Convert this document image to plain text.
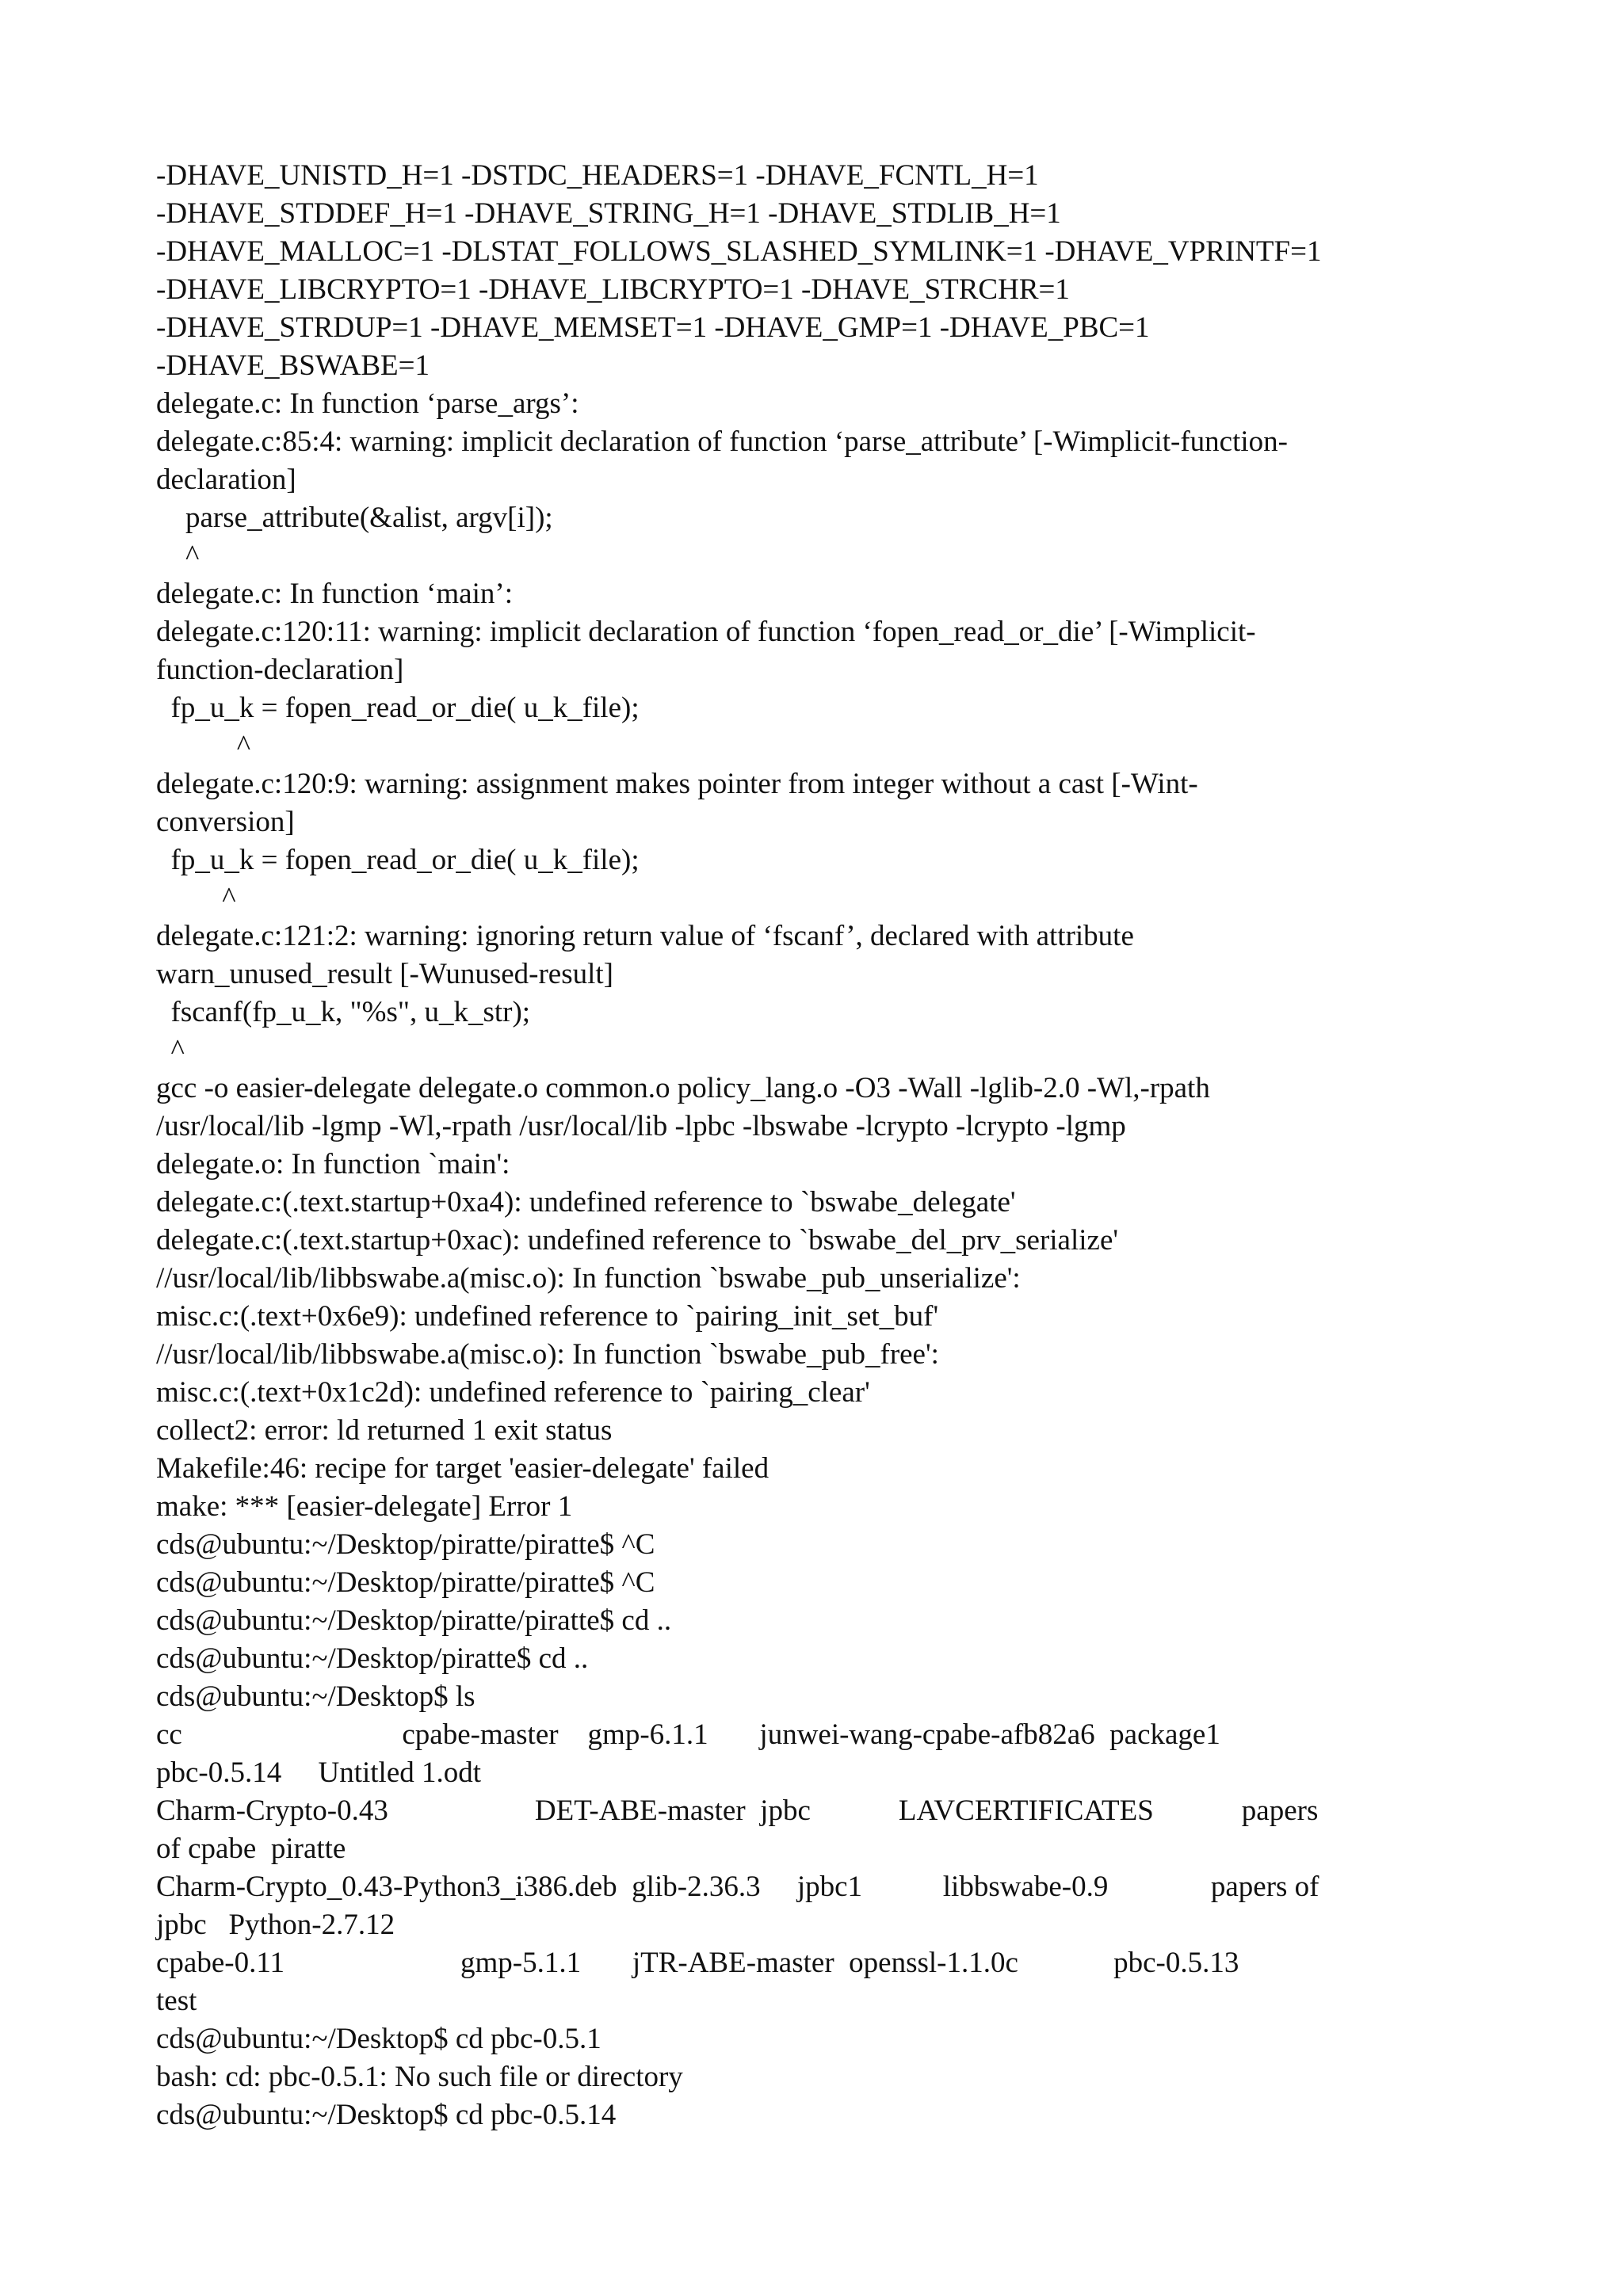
-DHAVE_UNISTD_H=1 -DSTDC_HEADERS=1 -DHAVE_FCNTL_H=1
-DHAVE_STDDEF_H=1 -DHAVE_STRING_H=1 -DHAVE_STDLIB_H=1
-DHAVE_MALLOC=1 -DLSTAT_FOLLOWS_SLASHED_SYMLINK=1 -DHAVE_VPRINTF=1
-DHAVE_LIBCRYPTO=1 -DHAVE_LIBCRYPTO=1 -DHAVE_STRCHR=1
-DHAVE_STRDUP=1 -DHAVE_MEMSET=1 -DHAVE_GMP=1 -DHAVE_PBC=1
-DHAVE_BSWABE=1
delegate.c: In function ‘parse_args’:
delegate.c:85:4: warning: implicit declaration of function ‘parse_attribute’ [-Wimplicit-function-
declaration]
parse_attribute(&alist, argv[i]);
^
delegate.c: In function ‘main’:
delegate.c:120:11: warning: implicit declaration of function ‘fopen_read_or_die’ [-Wimplicit-
function-declaration]
fp_u_k = fopen_read_or_die( u_k_file);
^
delegate.c:120:9: warning: assignment makes pointer from integer without a cast [-Wint-
conversion]
fp_u_k = fopen_read_or_die( u_k_file);
^
delegate.c:121:2: warning: ignoring return value of ‘fscanf’, declared with attribute
warn_unused_result [-Wunused-result]
fscanf(fp_u_k, "%s", u_k_str);
^
gcc -o easier-delegate delegate.o common.o policy_lang.o -O3 -Wall -lglib-2.0 -Wl,-rpath
/usr/local/lib -lgmp -Wl,-rpath /usr/local/lib -lpbc -lbswabe -lcrypto -lcrypto -lgmp
delegate.o: In function `main':
delegate.c:(.text.startup+0xa4): undefined reference to `bswabe_delegate'
delegate.c:(.text.startup+0xac): undefined reference to `bswabe_del_prv_serialize'
//usr/local/lib/libbswabe.a(misc.o): In function `bswabe_pub_unserialize':
misc.c:(.text+0x6e9): undefined reference to `pairing_init_set_buf'
//usr/local/lib/libbswabe.a(misc.o): In function `bswabe_pub_free':
misc.c:(.text+0x1c2d): undefined reference to `pairing_clear'
collect2: error: ld returned 1 exit status
Makefile:46: recipe for target 'easier-delegate' failed
make: *** [easier-delegate] Error 1
cds@ubuntu:~/Desktop/piratte/piratte$ ^C
cds@ubuntu:~/Desktop/piratte/piratte$ ^C
cds@ubuntu:~/Desktop/piratte/piratte$ cd ..
cds@ubuntu:~/Desktop/piratte$ cd ..
cds@ubuntu:~/Desktop$ ls
cc                              cpabe-master    gmp-6.1.1       junwei-wang-cpabe-afb82a6  package1
pbc-0.5.14     Untitled 1.odt
Charm-Crypto-0.43                    DET-ABE-master  jpbc            LAVCERTIFICATES            papers
of cpabe  piratte
Charm-Crypto_0.43-Python3_i386.deb  glib-2.36.3     jpbc1           libbswabe-0.9              papers of
jpbc   Python-2.7.12
cpabe-0.11                        gmp-5.1.1       jTR-ABE-master  openssl-1.1.0c             pbc-0.5.13
test
cds@ubuntu:~/Desktop$ cd pbc-0.5.1
bash: cd: pbc-0.5.1: No such file or directory
cds@ubuntu:~/Desktop$ cd pbc-0.5.14
